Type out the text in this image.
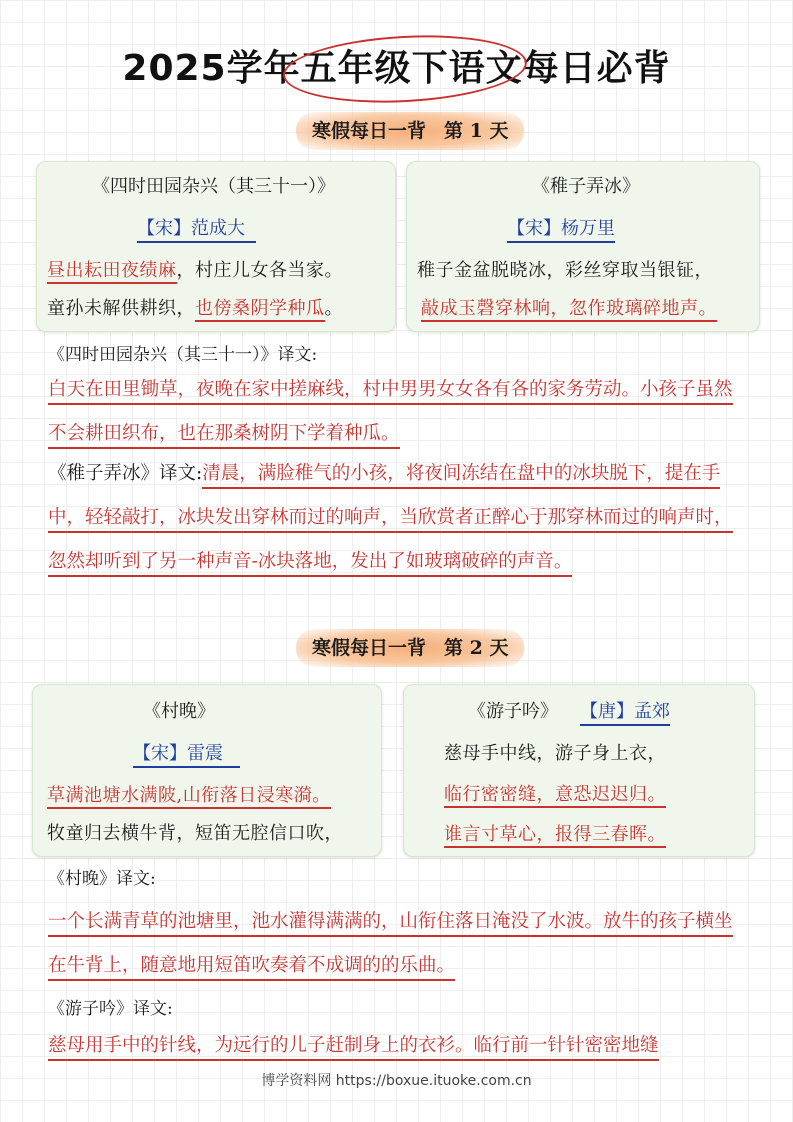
2025学年五年级下语文每日必背
寒假每日一背 第 1 天
《四时田园杂兴（其三十一）》
【宋】范成大
昼出耘田夜绩麻，村庄儿女各当家。
童孙未解供耕织，也傍桑阴学种瓜。
《稚子弄冰》
【宋】杨万里
稚子金盆脱晓冰，彩丝穿取当银钲，
敲成玉磬穿林响，忽作玻璃碎地声。
《四时田园杂兴（其三十一）》译文:
白天在田里锄草，夜晚在家中搓麻线，村中男男女女各有各的家务劳动。小孩子虽然不会耕田织布，也在那桑树阴下学着种瓜。
《稚子弄冰》译文:清晨，满脸稚气的小孩，将夜间冻结在盘中的冰块脱下，提在手中，轻轻敲打，冰块发出穿林而过的响声，当欣赏者正醉心于那穿林而过的响声时，忽然却听到了另一种声音-冰块落地，发出了如玻璃破碎的声音。
寒假每日一背 第 2 天
《村晚》
【宋】雷震
草满池塘水满陂,山衔落日浸寒漪。
牧童归去横牛背，短笛无腔信口吹，
《游子吟》 【唐】孟郊
慈母手中线，游子身上衣，
临行密密缝，意恐迟迟归。
谁言寸草心，报得三春晖。
《村晚》译文:
一个长满青草的池塘里，池水灌得满满的，山衔住落日淹没了水波。放牛的孩子横坐在牛背上，随意地用短笛吹奏着不成调的的乐曲。
《游子吟》译文:
慈母用手中的针线，为远行的儿子赶制身上的衣衫。临行前一针针密密地缝
博学资料网 https://boxue.ituoke.com.cn
